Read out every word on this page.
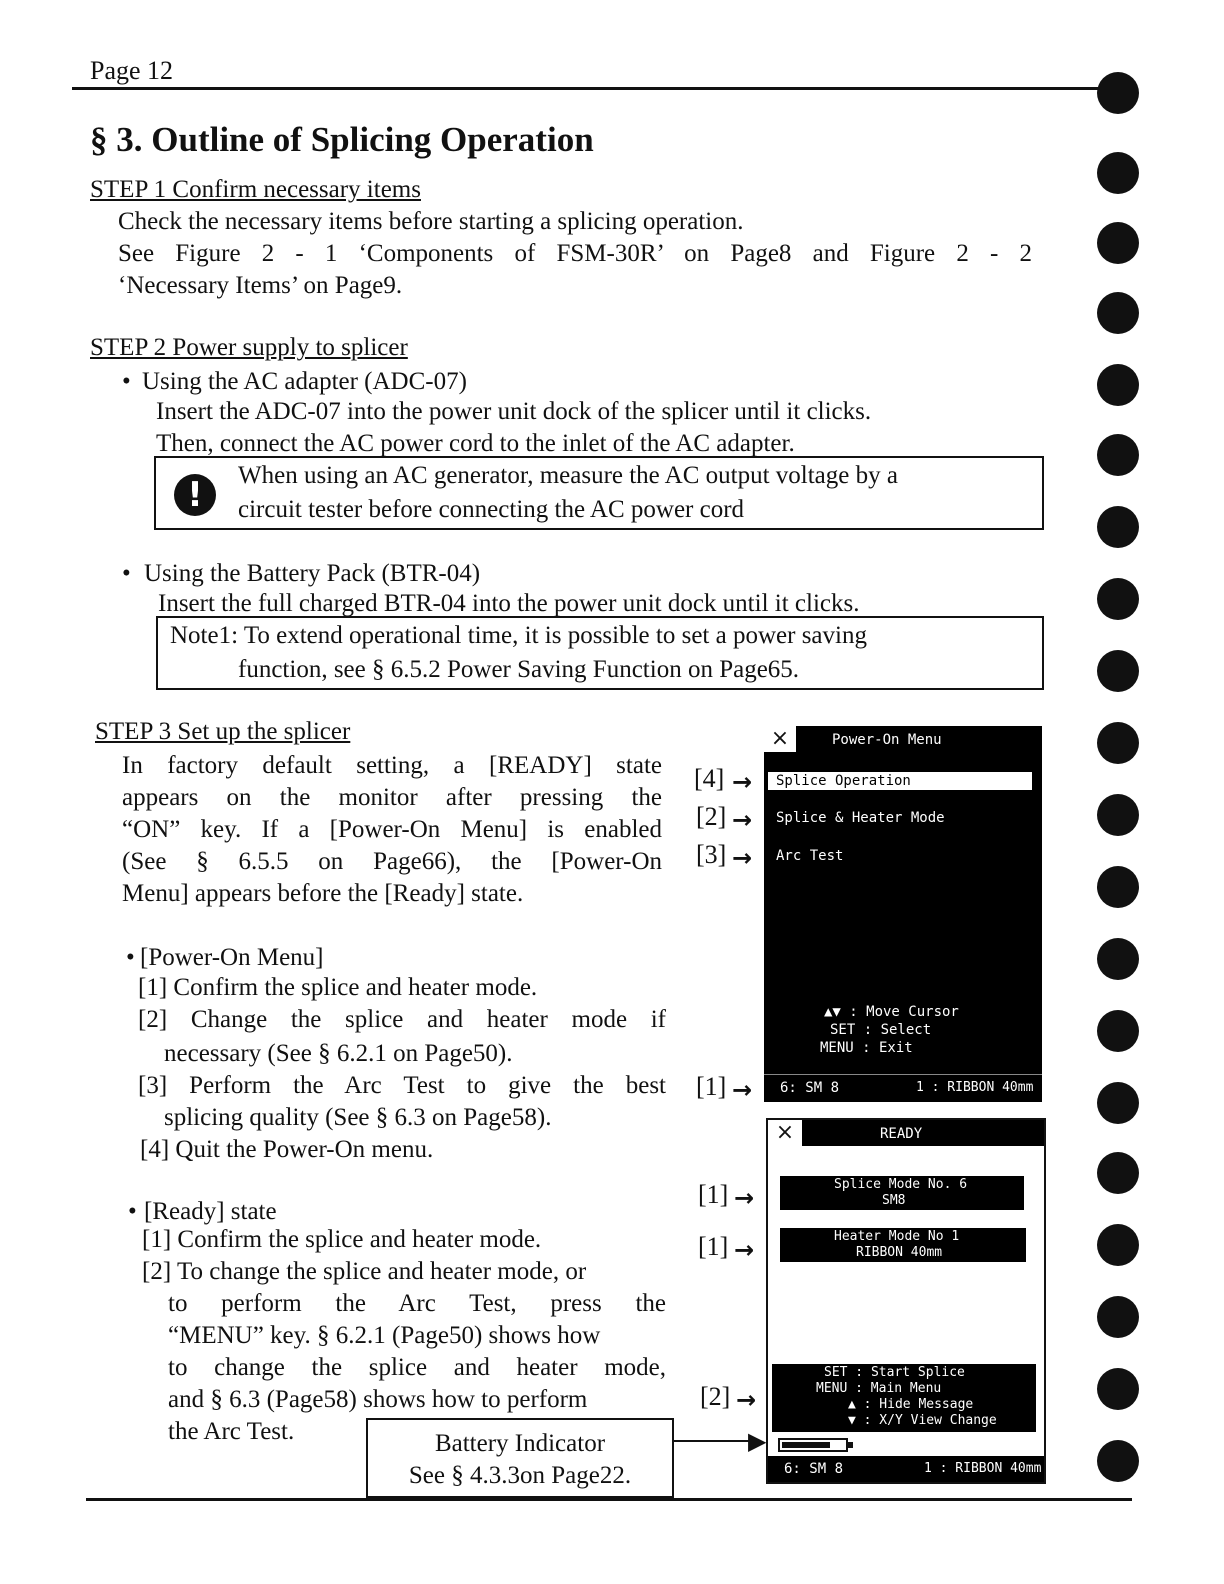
Page 12
§ 3. Outline of Splicing Operation
STEP 1 Confirm necessary items
Check the necessary items before starting a splicing operation.
See Figure 2 - 1 ‘Components of FSM-30R’ on Page8 and Figure 2 - 2
‘Necessary Items’ on Page9.
STEP 2 Power supply to splicer
• Using the AC adapter (ADC-07)
Insert the ADC-07 into the power unit dock of the splicer until it clicks.
Then, connect the AC power cord to the inlet of the AC adapter.
!	When using an AC generator, measure the AC output voltage by a
circuit tester before connecting the AC power cord
• Using the Battery Pack (BTR-04)
Insert the full charged BTR-04 into the power unit dock until it clicks.
Note1: To extend operational time, it is possible to set a power saving
function, see § 6.5.2 Power Saving Function on Page65.
STEP 3 Set up the splicer
In factory default setting, a [READY] state
appears on the monitor after pressing the
“ON” key. If a [Power-On Menu] is enabled
(See § 6.5.5 on Page66), the [Power-On
Menu] appears before the [Ready] state.
• [Power-On Menu]
[1] Confirm the splice and heater mode.
[2] Change the splice and heater mode if
necessary (See § 6.2.1 on Page50).
[3] Perform the Arc Test to give the best
splicing quality (See § 6.3 on Page58).
[4] Quit the Power-On menu.
• [Ready] state
[1] Confirm the splice and heater mode.
[2] To change the splice and heater mode, or
to perform the Arc Test, press the
“MENU” key. § 6.2.1 (Page50) shows how
to change the splice and heater mode,
and § 6.3 (Page58) shows how to perform
the Arc Test.	Battery Indicator
See § 4.3.3on Page22.
▶
×	Power-On Menu
Splice Operation
Splice & Heater Mode
Arc Test
▲▼ : Move Cursor
SET : Select
MENU : Exit
6: SM 8	1 : RIBBON 40mm
[4] →
[2] →
[3] →
[1] →
×	READY
Splice Mode No. 6
SM8
Heater Mode No 1
RIBBON 40mm
SET : Start Splice
MENU : Main Menu
▲ : Hide Message
▼ : X/Y View Change
6: SM 8	1 : RIBBON 40mm
[1] →
[1] →
[2] →
